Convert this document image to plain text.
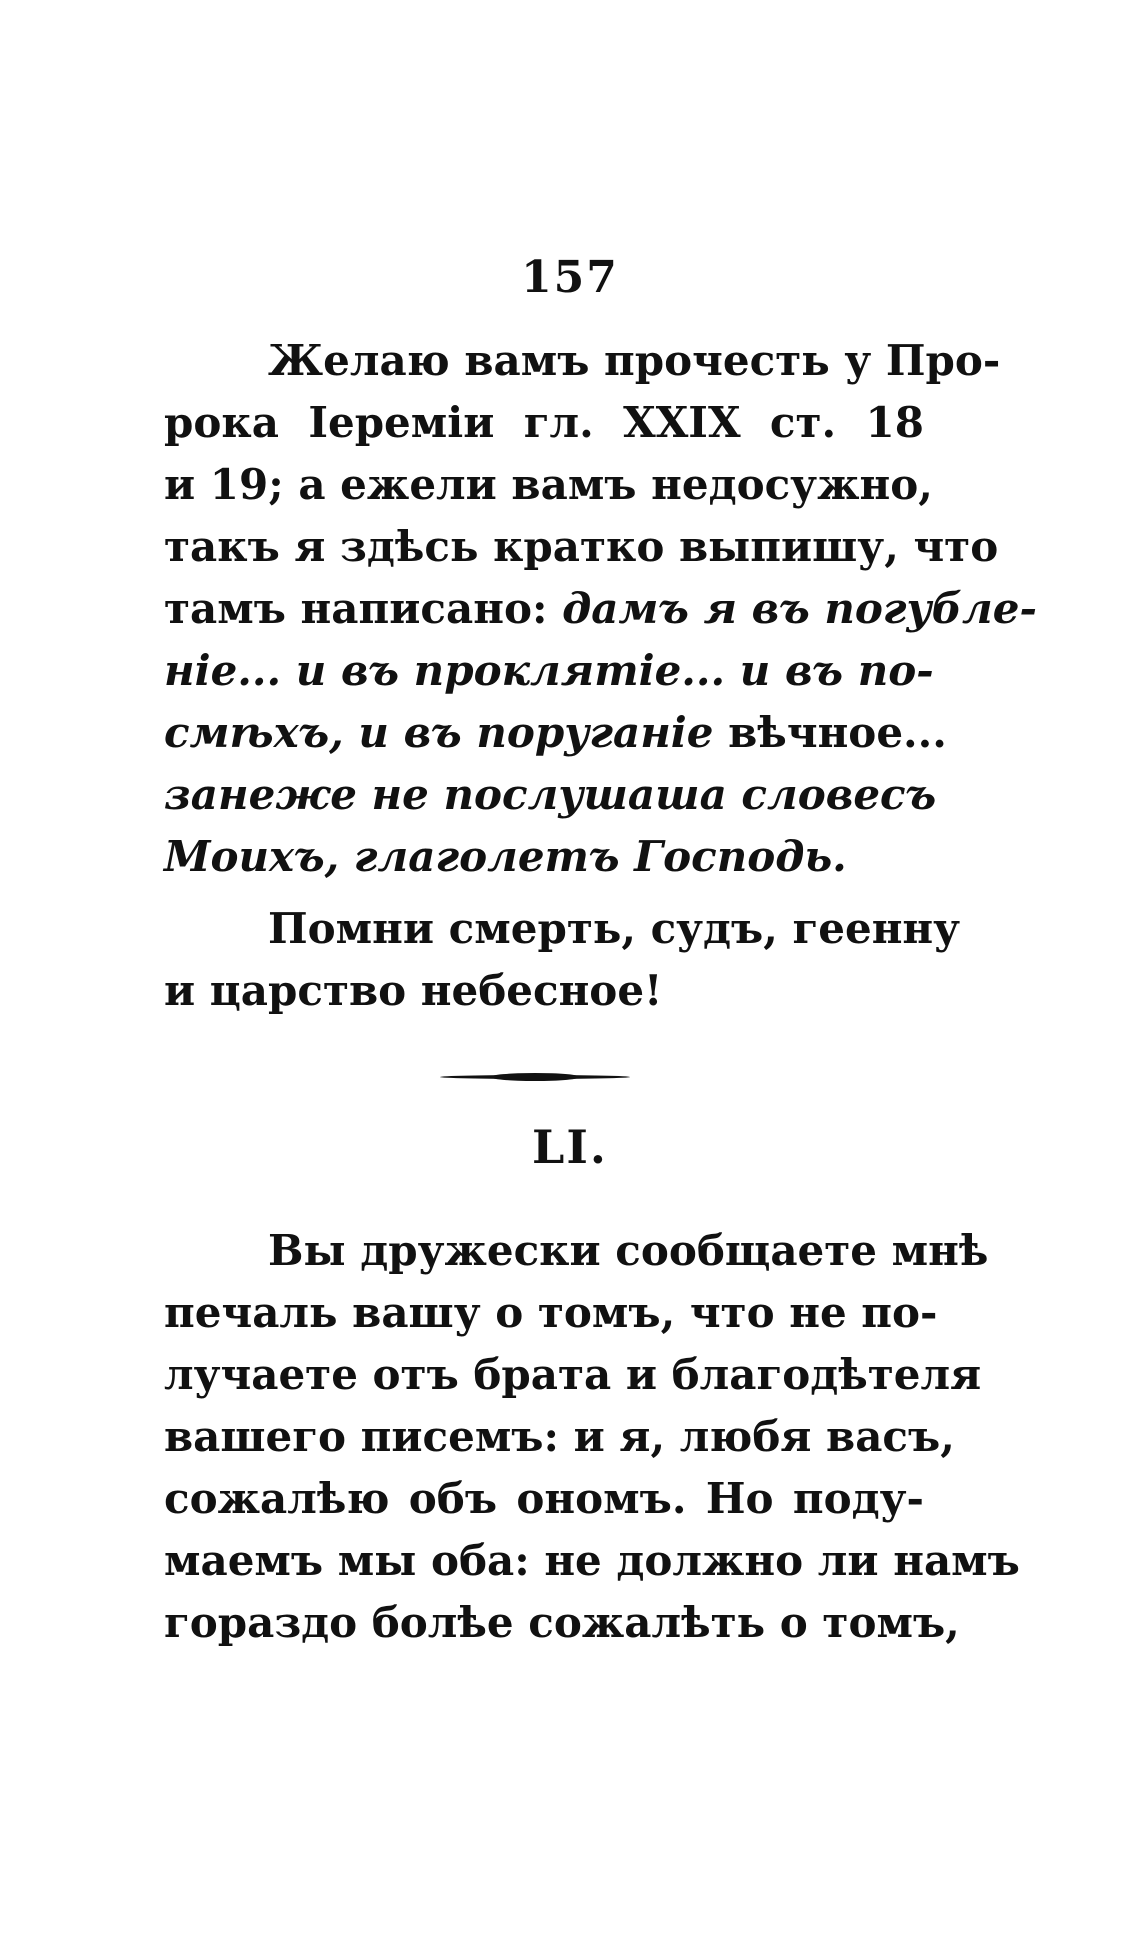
157
Желаю вамъ прочесть у Про-
рока Іереміи гл. XXIX ст. 18
и 19; а ежели вамъ недосужно,
такъ я здѣсь кратко выпишу, что
тамъ написано: дамъ я въ погубле-
ніе... и въ проклятіе... и въ по-
смѣхъ, и въ поруганіе вѣчное...
занеже не послушаша словесъ
Моихъ, глаголетъ Господь.
Помни смерть, судъ, геенну
и царство небесное!
LI.
Вы дружески сообщаете мнѣ
печаль вашу о томъ, что не по-
лучаете отъ брата и благодѣтеля
вашего писемъ: и я, любя васъ,
сожалѣю объ ономъ. Но поду-
маемъ мы оба: не должно ли намъ
гораздо болѣе сожалѣть о томъ,
